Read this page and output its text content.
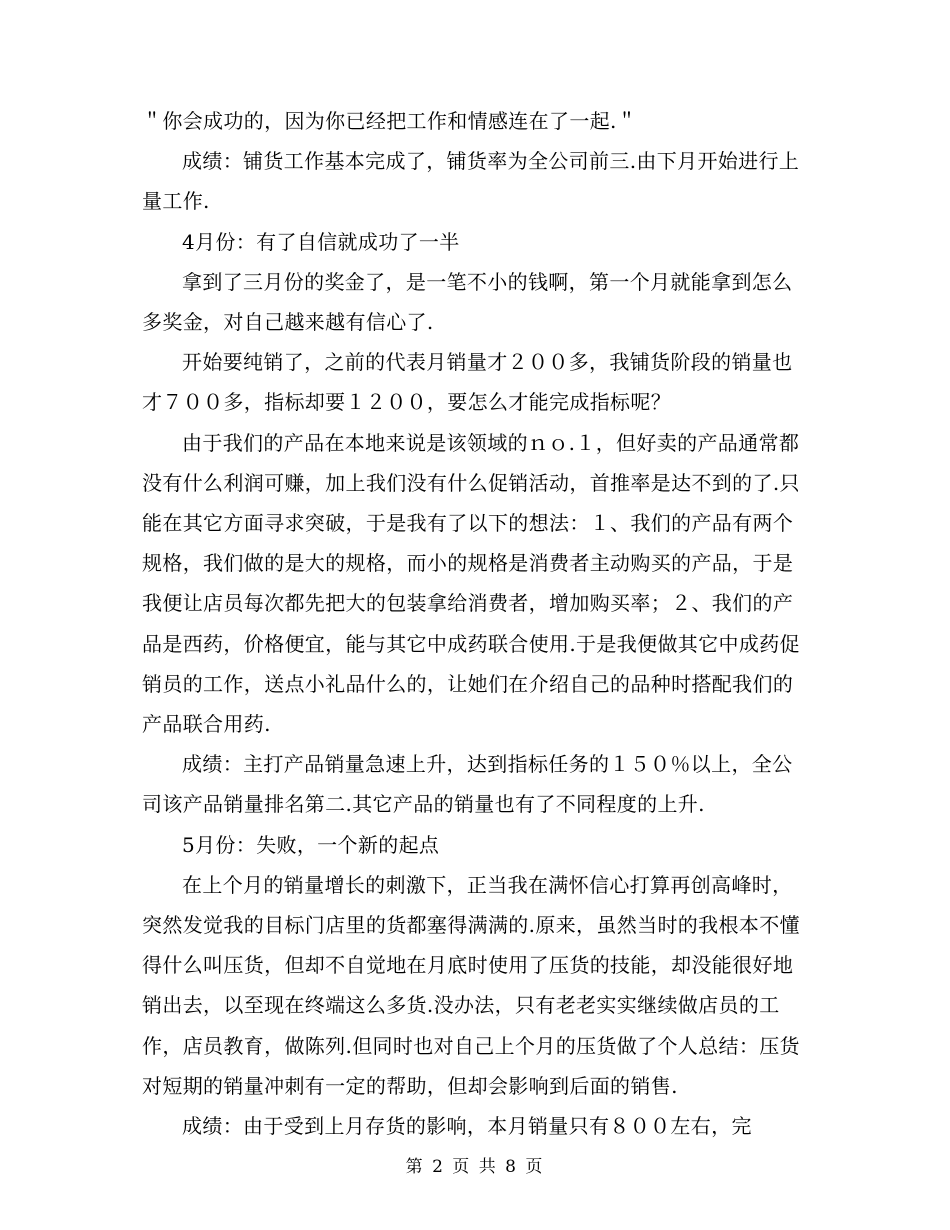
＂你会成功的，因为你已经把工作和情感连在了一起.＂

成绩：铺货工作基本完成了，铺货率为全公司前三.由下月开始进行上量工作.

4月份：有了自信就成功了一半

拿到了三月份的奖金了，是一笔不小的钱啊，第一个月就能拿到怎么多奖金，对自己越来越有信心了.

开始要纯销了，之前的代表月销量才２００多，我铺货阶段的销量也才７００多，指标却要１２００，要怎么才能完成指标呢？

由于我们的产品在本地来说是该领域的ｎｏ.１，但好卖的产品通常都没有什么利润可赚，加上我们没有什么促销活动，首推率是达不到的了.只能在其它方面寻求突破，于是我有了以下的想法：１、我们的产品有两个规格，我们做的是大的规格，而小的规格是消费者主动购买的产品，于是我便让店员每次都先把大的包装拿给消费者，增加购买率；２、我们的产品是西药，价格便宜，能与其它中成药联合使用.于是我便做其它中成药促销员的工作，送点小礼品什么的，让她们在介绍自己的品种时搭配我们的产品联合用药.

成绩：主打产品销量急速上升，达到指标任务的１５０％以上，全公司该产品销量排名第二.其它产品的销量也有了不同程度的上升.

5月份：失败，一个新的起点

在上个月的销量增长的刺激下，正当我在满怀信心打算再创高峰时，突然发觉我的目标门店里的货都塞得满满的.原来，虽然当时的我根本不懂得什么叫压货，但却不自觉地在月底时使用了压货的技能，却没能很好地销出去，以至现在终端这么多货.没办法，只有老老实实继续做店员的工作，店员教育，做陈列.但同时也对自己上个月的压货做了个人总结：压货对短期的销量冲刺有一定的帮助，但却会影响到后面的销售.

成绩：由于受到上月存货的影响，本月销量只有８００左右，完

第 2 页 共 8 页
